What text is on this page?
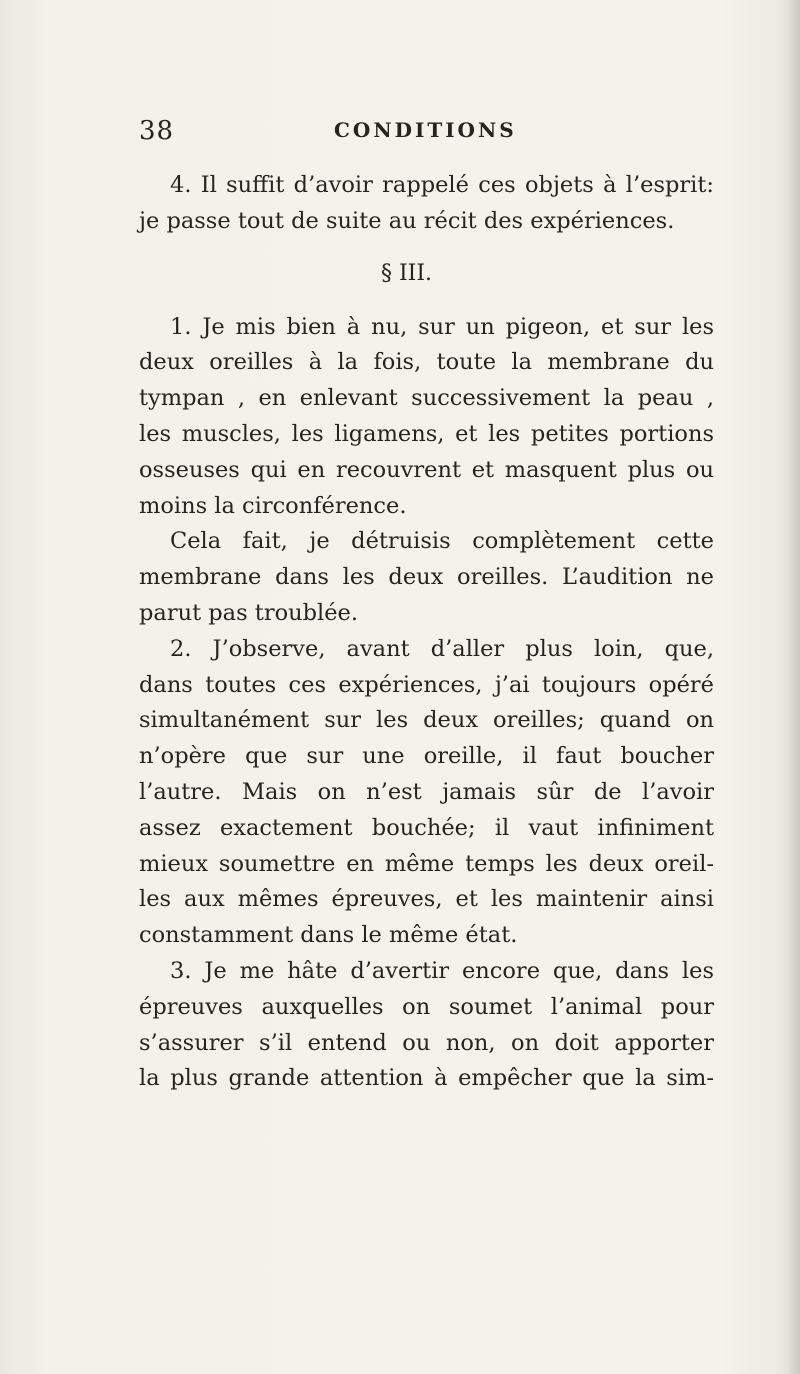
38	CONDITIONS
4. Il suffit d’avoir rappelé ces objets à l’esprit:
je passe tout de suite au récit des expériences.
§ III.
1. Je mis bien à nu, sur un pigeon, et sur les
deux oreilles à la fois, toute la membrane du
tympan , en enlevant successivement la peau ,
les muscles, les ligamens, et les petites portions
osseuses qui en recouvrent et masquent plus ou
moins la circonférence.
Cela fait, je détruisis complètement cette
membrane dans les deux oreilles. L’audition ne
parut pas troublée.
2. J’observe, avant d’aller plus loin, que,
dans toutes ces expériences, j’ai toujours opéré
simultanément sur les deux oreilles; quand on
n’opère que sur une oreille, il faut boucher
l’autre. Mais on n’est jamais sûr de l’avoir
assez exactement bouchée; il vaut infiniment
mieux soumettre en même temps les deux oreil-
les aux mêmes épreuves, et les maintenir ainsi
constamment dans le même état.
3. Je me hâte d’avertir encore que, dans les
épreuves auxquelles on soumet l’animal pour
s’assurer s’il entend ou non, on doit apporter
la plus grande attention à empêcher que la sim-
